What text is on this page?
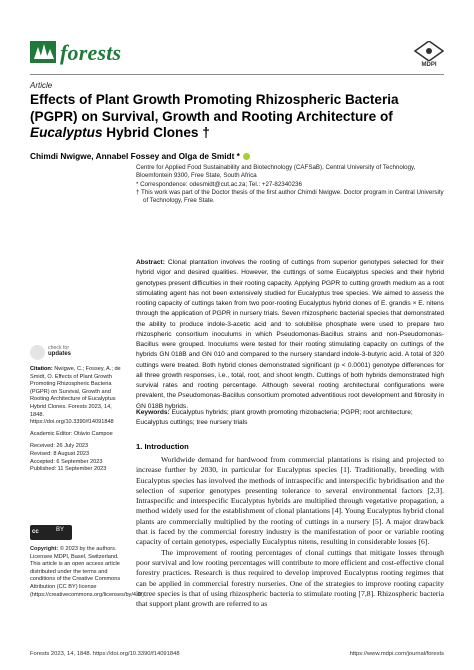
forests	MDPI
Article
Effects of Plant Growth Promoting Rhizospheric Bacteria
(PGPR) on Survival, Growth and Rooting Architecture of
Eucalyptus Hybrid Clones †
Chimdi Nwigwe, Annabel Fossey and Olga de Smidt *

Centre for Applied Food Sustainability and Biotechnology (CAFSaB), Central University of Technology, Bloemfontein 9300, Free State, South Africa

* Correspondence: odesmidt@cut.ac.za; Tel.: +27-82340236

† This work was part of the Doctor thesis of the first author Chimdi Nwigwe. Doctor program in Central University of Technology, Free State.

Abstract: Clonal plantation involves the rooting of cuttings from superior genotypes selected for their hybrid vigor and desired qualities. However, the cuttings of some Eucalyptus species and their hybrid genotypes present difficulties in their rooting capacity. Applying PGPR to cutting growth medium as a root stimulating agent has not been extensively studied for Eucalyptus tree species. We aimed to assess the rooting capacity of cuttings taken from two poor-rooting Eucalyptus hybrid clones of E. grandis × E. nitens through the application of PGPR in nursery trials. Seven rhizospheric bacterial species that demonstrated the ability to produce indole-3-acetic acid and to solubilise phosphate were used to prepare two rhizospheric consortium inoculums in which Pseudomonas-Bacillus strains and non-Pseudomonas-Bacillus were grouped. Inoculums were tested for their rooting stimulating capacity on cuttings of the hybrids GN 018B and GN 010 and compared to the nursery standard indole-3-butyric acid. A total of 320 cuttings were treated. Both hybrid clones demonstrated significant (p < 0.0001) genotype differences for all three growth responses, i.e., total, root, and shoot length. Cuttings of both hybrids demonstrated high survival rates and rooting percentage. Although several rooting architectural configurations were prevalent, the Pseudomonas-Bacillus consortium promoted adventitious root development and fibrosity in GN 018B hybrids.

Keywords: Eucalyptus hybrids; plant growth promoting rhizobacteria; PGPR; root architecture; Eucalyptus cuttings; tree nursery trials

1. Introduction

Worldwide demand for hardwood from commercial plantations is rising and projected to increase further by 2030, in particular for Eucalyptus species [1]. Traditionally, breeding with Eucalyptus species has involved the methods of intraspecific and interspecific hybridisation and the selection of superior genotypes presenting tolerance to several environmental factors [2,3]. Intraspecific and interspecific Eucalyptus hybrids are multiplied through vegetative propagation, a method widely used for the establishment of clonal plantations [4]. Young Eucalyptus hybrid clonal plants are commercially multiplied by the rooting of cuttings in a nursery [5]. A major drawback that is faced by the commercial forestry industry is the manifestation of poor or variable rooting capacity of certain genotypes, especially Eucalyptus nitens, resulting in considerable losses [6].

The improvement of rooting percentages of clonal cuttings that mitigate losses through poor survival and low rooting percentages will contribute to more efficient and cost-effective clonal forestry practices. Research is thus required to develop improved Eucalyptus rooting regimes that can be applied in commercial forestry nurseries. One of the strategies to improve rooting capacity in tree species is that of using rhizospheric bacteria to stimulate rooting [7,8]. Rhizospheric bacteria that support plant growth are referred to as

check for
updates

Citation: Nwigwe, C.; Fossey, A.; de Smidt, O. Effects of Plant Growth Promoting Rhizospheric Bacteria (PGPR) on Survival, Growth and Rooting Architecture of Eucalyptus Hybrid Clones. Forests 2023, 14, 1848. https://doi.org/10.3390/f14091848

Academic Editor: Otávio Campoe

Received: 26 July 2023

Revised: 8 August 2023

Accepted: 6 September 2023

Published: 11 September 2023

cc	BY
Copyright: © 2023 by the authors. Licensee MDPI, Basel, Switzerland. This article is an open access article distributed under the terms and conditions of the Creative Commons Attribution (CC BY) license (https://creativecommons.org/licenses/by/4.0/).
Forests 2023, 14, 1848. https://doi.org/10.3390/f14091848	https://www.mdpi.com/journal/forests
